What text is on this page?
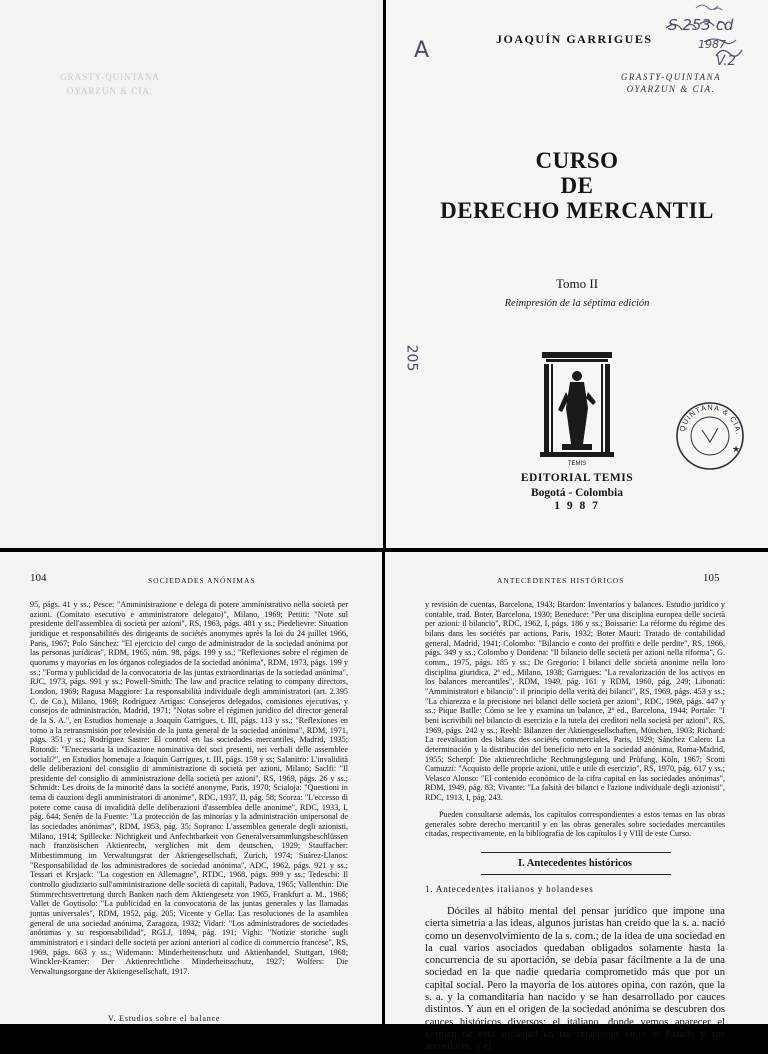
GRASTY-QUINTANA
OYARZUN & CIA.
JOAQUÍN GARRIGUES
S 253 cd
1987
V.2
A
205
GRASTY-QUINTANA
OYARZUN & CIA.
CURSO
DE
DERECHO MERCANTIL
Tomo II
Reimpresión de la séptima edición
TEMIS
QUINTANA & CIA.
★
EDITORIAL TEMIS
Bogotá - Colombia
1 9 8 7
104	SOCIEDADES ANÓNIMAS
95, págs. 41 y ss.; Pesce: "Amministrazione e delega di potere amministrativo nella società per azioni. (Comitato esecutivo e amministratore delegato)", Milano, 1969; Pettiti: "Note sul presidente dell'assemblea di società per azioni", RS, 1963, págs. 481 y ss.; Piedelievre: Situation juridique et responsabilités des dirigeants de sociétés anonymes après la loi du 24 juillet 1966, Paris, 1967; Polo Sánchez: "El ejercicio del cargo de administrador de la sociedad anónima por las personas jurídicas", RDM, 1965, núm. 98, págs. 199 y ss.; "Reflexiones sobre el régimen de quorums y mayorías en los órganos colegiados de la sociedad anónima", RDM, 1973, págs. 199 y ss.; "Forma y publicidad de la convocatoria de las juntas extraordinarias de la sociedad anónima", RJC, 1973, págs. 991 y ss.; Powell-Smith: The law and practice relating to company directors, London, 1969; Ragusa Maggiore: La responsabilità individuale degli amministratori (art. 2.395 C. de Co.), Milano, 1969; Rodríguez Artigas: Consejeros delegados, comisiones ejecutivas, y consejos de administración, Madrid, 1971; "Notas sobre el régimen jurídico del director general de la S. A.", en Estudios homenaje a Joaquín Garrigues, t. III, págs. 113 y ss.; "Reflexiones en torno a la retransmisión por televisión de la junta general de la sociedad anónima", RDM, 1971, págs. 351 y ss.; Rodríguez Sastre: El control en las sociedades mercantiles, Madrid, 1935; Rotondi: "E'necessaria la indicazione nominativa dei soci presenti, nei verbali delle assemblee sociali?", en Estudios homenaje a Joaquín Garrigues, t. III, págs. 159 y ss; Salanitro: L'invalidità delle deliberazioni del consiglio di amministrazione di società per azioni, Milano; Saclfi: "Il presidente del consiglio di amministrazione della società per azioni", RS, 1969, págs. 26 y ss.; Schmidt: Les droits de la minorité dans la société anonyme, Paris, 1970; Scialoja: "Questioni in tema di cauzioni degli amministratori di anonime", RDC, 1937, II, pág. 58; Scorza: "L'eccesso di potere come causa di invalidità delle deliberazioni d'assemblea delle anonime", RDC, 1933, I, pág. 644; Senén de la Fuente: "La protección de las minorías y la administración unipersonal de las sociedades anónimas", RDM, 1953, pág. 35; Soprano: L'assemblea generale degli azionisti, Milano, 1914; Spillecke: Nichtigkeit und Anfechtbarkeit von Generalversammlungsbeschlüssen nach französischen Aktienrecht, verglichen mit dem deutschen, 1929; Stauffacher: Mitbestimmung im Verwaltungsrat der Aktiengesellschaft, Zurich, 1974; Suárez-Llanos: "Responsabilidad de los administradores de sociedad anónima", ADC, 1962, págs. 921 y ss.; Tessari et Krsjack: "La cogestion en Allemagne", RTDC, 1968, págs. 999 y ss.; Tedeschi: Il controllo giudiziario sull'amministrazione delle società di capitali, Padova, 1965; Vallenthin: Die Stimmrechtsvertretung durch Banken nach dem Aktiengesetz von 1965, Frankfurt a. M., 1966; Vallet de Goytisolo: "La publicidad en la convocatoria de las juntas generales y las llamadas juntas universales", RDM, 1952, pág. 205; Vicente y Gella: Las resoluciones de la asamblea general de una sociedad anónima, Zaragoza, 1932; Vidari: "Los administradores de sociedades anónimas y su responsabilidad", RGLJ, 1894, pág. 191; Vighi: "Notizie storiche sugli amministratori e i sindaci delle società per azioni anteriori al codice di commercio francese", RS, 1969, págs. 663 y ss.; Widemann: Minderheitenschutz und Aktienhandel, Stuttgart, 1968; Winckler-Kramer: Der Aktienrechtliche Minderheitsschutz, 1927; Wolfers: Die Verwaltungsorgane der Aktiengesellschaft, 1917.
V. Estudios sobre el balance
ANTECEDENTES HISTÓRICOS	105
y revisión de cuentas, Barcelona, 1943; Btardon: Inventarios y balances. Estudio jurídico y contable, trad. Boter, Barcelona, 1930; Beneduce: "Per una disciplina europea delle società per azioni: il bilancio", RDC, 1962, I, págs. 186 y ss.; Boissarie: La réforme du régime des bilans dans les sociétés par actions, Paris, 1932; Boter Mauri: Tratado de contabilidad general, Madrid, 1941; Colombo: "Bilancio e conto dei proffiti e delle perdite", RS, 1966, págs. 349 y ss.; Colombo y Dondena: "Il bilancio delle società per azioni nella riforma", G. comm., 1975, págs. 185 y ss.; De Gregorio: I bilanci delle società anonime nella loro disciplina giuridica, 2ª ed., Milano, 1938; Garrigues: "La revalorización de los activos en los balances mercantiles", RDM, 1949, pág. 161 y RDM, 1960, pág. 249; Libonati: "Amministratori e bilancio": il principio della verità dei bilanci", RS, 1969, págs. 453 y ss.; "La chiarezza e la precisione nei bilanci delle società per azioni", RDC, 1969, págs. 447 y ss.; Pique Batlle: Cómo se lee y examina un balance, 2ª ed., Barcelona, 1944; Portale: "I beni iscrivibili nel bilancio di esercizio e la tutela dei creditori nella società per azioni", RS, 1969, págs. 242 y ss.; Reehl: Bilanzen der Aktiengesellschaften, München, 1903; Richard: La reevaluation des bilans des sociétés commerciales, Paris, 1929; Sánchez Calero: La determinación y la distribución del beneficio neto en la sociedad anónima, Roma-Madrid, 1955; Scherpf: Die aktienrechtliche Rechnungslegung und Prüfung, Köln, 1967; Scotti Camuzzi: "Acquisto delle proprie azioni, utile e utile di esercizio", RS, 1970, pág. 617 y ss.; Velasco Alonso: "El contenido económico de la cifra capital en las sociedades anónimas", RDM, 1949, pág. 83; Vivante: "La falsità dei bilanci e l'azione individuale degli azionisti", RDC, 1913, I, pág. 243.
Pueden consultarse además, los capítulos correspondientes a estos temas en las obras generales sobre derecho mercantil y en las obras generales sobre sociedades mercantiles citadas, respectivamente, en la bibliografía de los capítulos I y VIII de este Curso.
I. Antecedentes históricos
1. Antecedentes italianos y holandeses
Dóciles al hábito mental del pensar jurídico que impone una cierta simetría a las ideas, algunos juristas han creído que la s. a. nació como un desenvolvimiento de la s. com.; de la idea de una sociedad en la cual varios asociados quedaban obligados solamente hasta la concurrencia de su aportación, se debía pasar fácilmente a la de una sociedad en la que nadie quedaría comprometido más que por un capital social. Pero la mayoría de los autores opina, con razón, que la s. a. y la comanditaria han nacido y se han desarrollado por cauces distintos. Y aun en el origen de la sociedad anónima se descubren dos cauces históricos diversos: el italiano, donde vemos aparecer el germen de esta sociedad en las relaciones entre el Estado y sus acreedores, y el
